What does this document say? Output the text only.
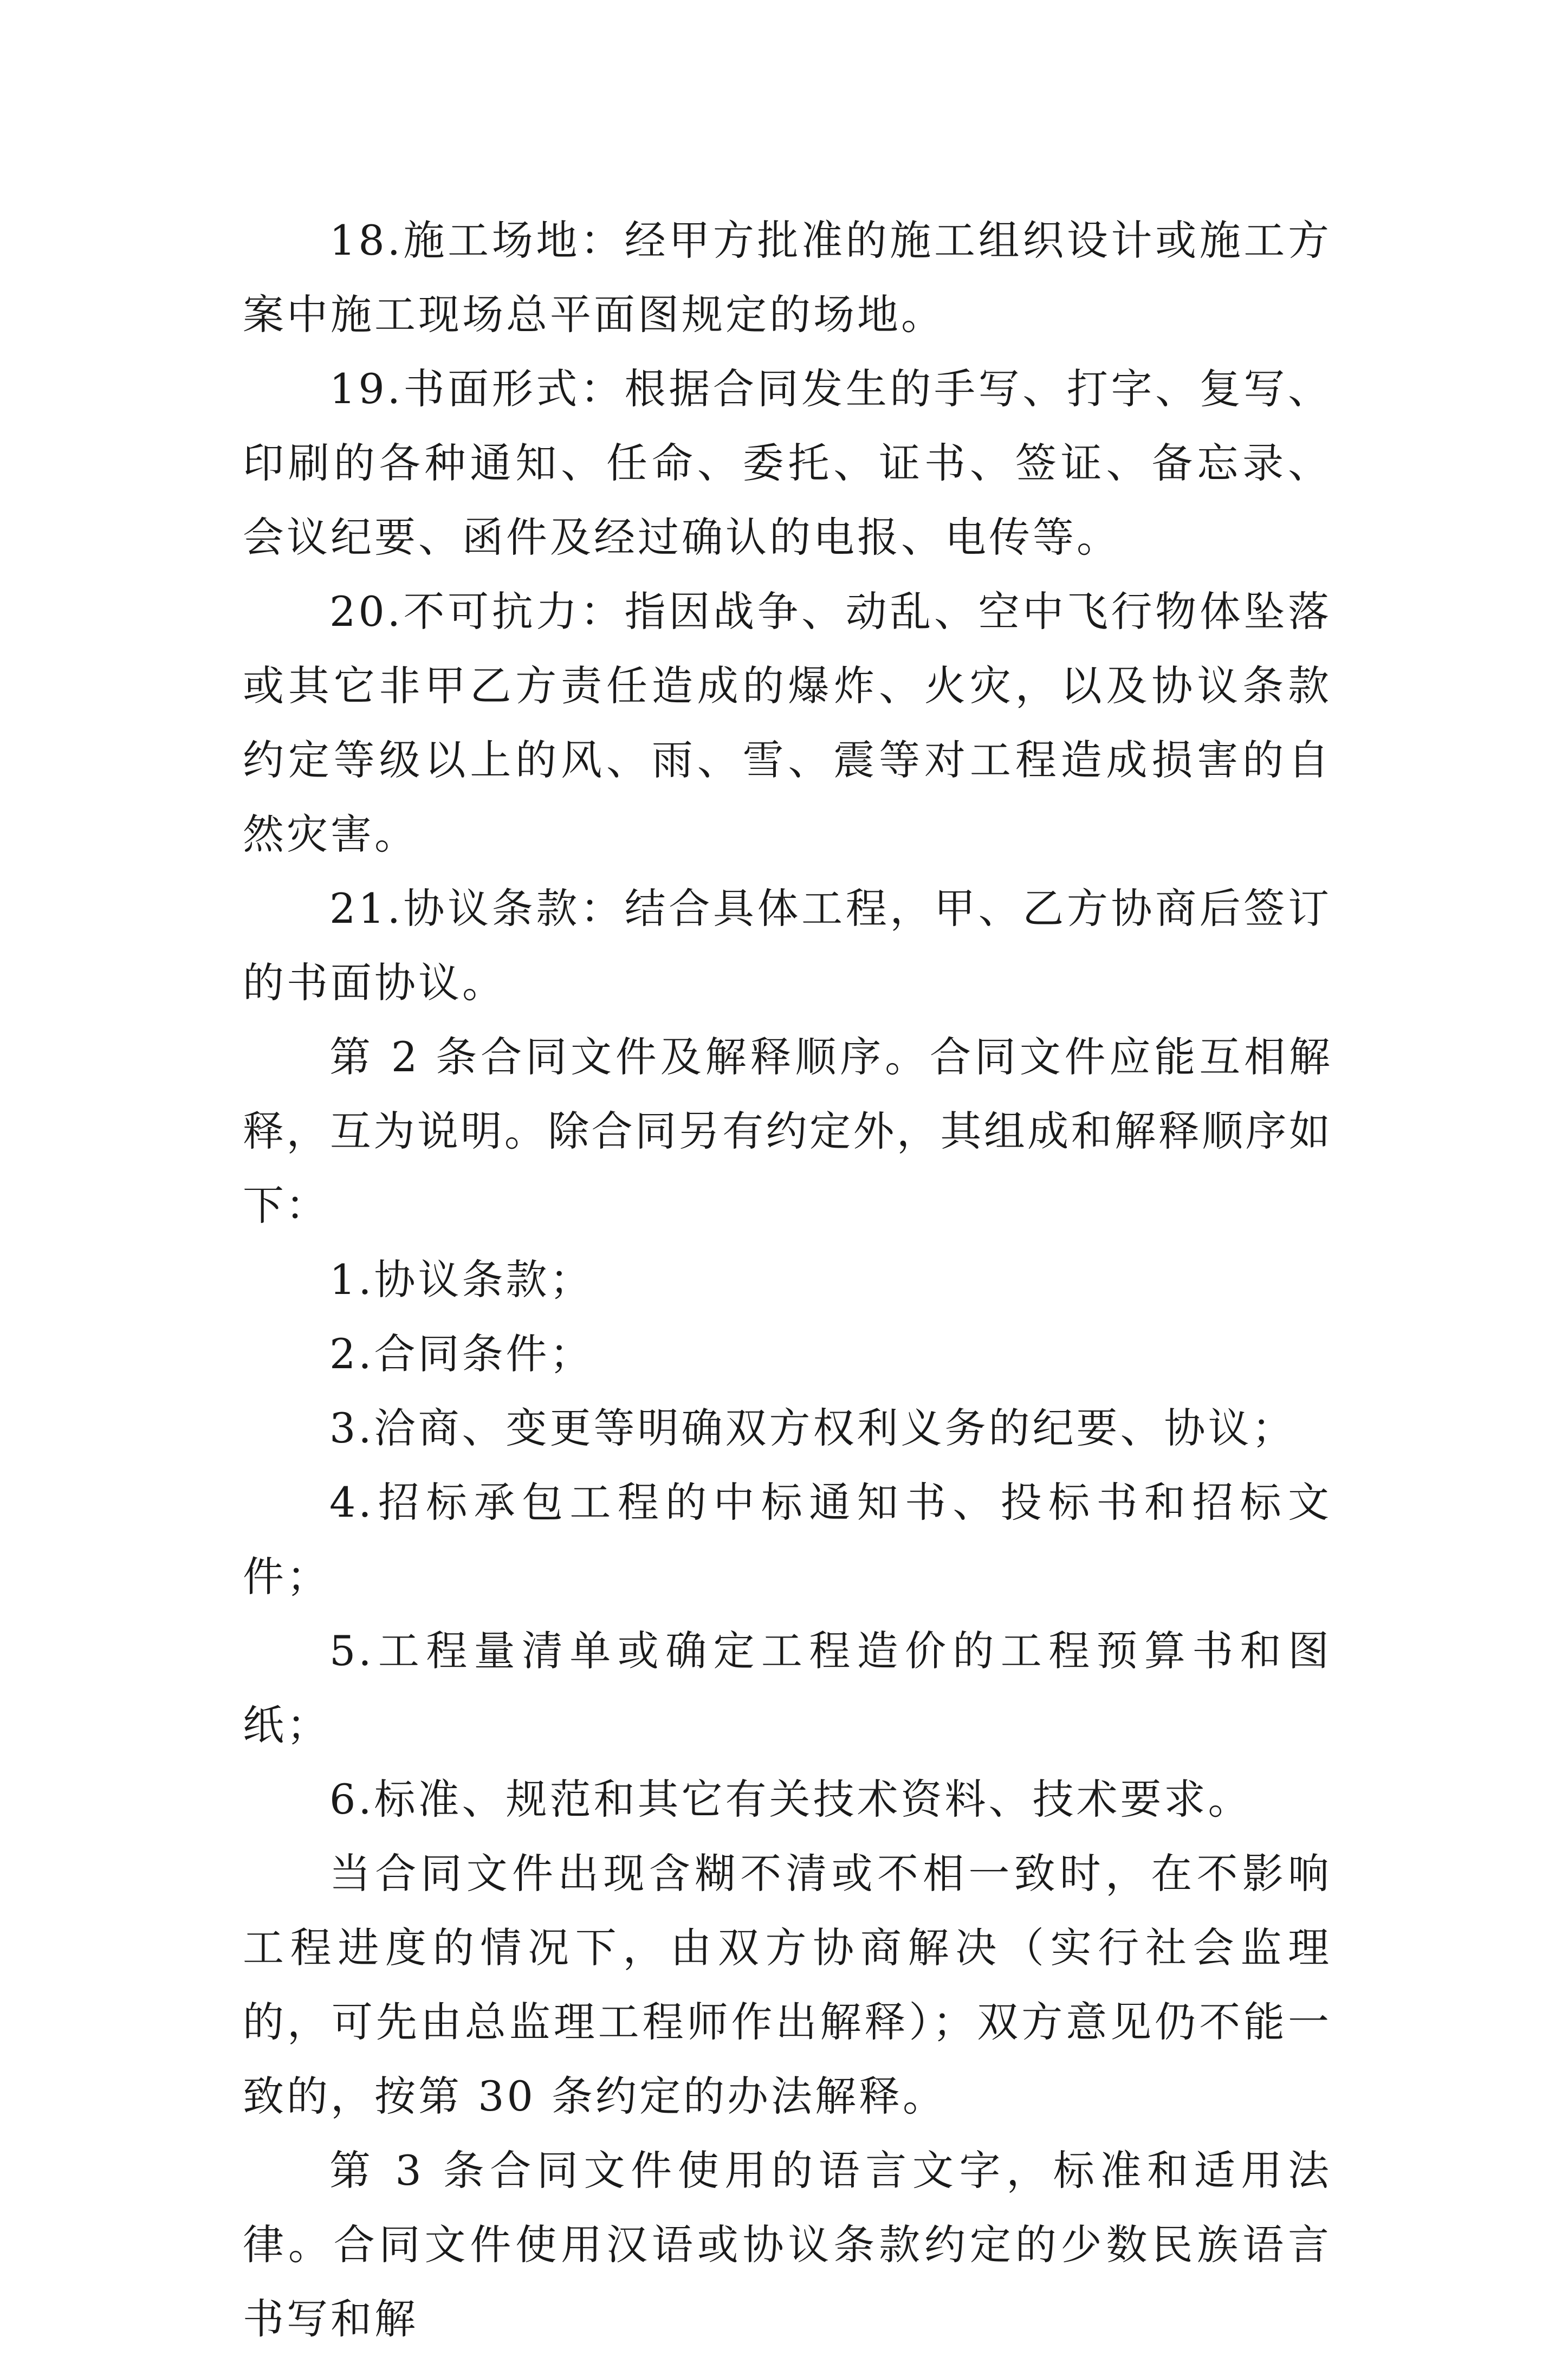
18.施工场地：经甲方批准的施工组织设计或施工方案中施工现场总平面图规定的场地。

19.书面形式：根据合同发生的手写、打字、复写、印刷的各种通知、任命、委托、证书、签证、备忘录、会议纪要、函件及经过确认的电报、电传等。

20.不可抗力：指因战争、动乱、空中飞行物体坠落或其它非甲乙方责任造成的爆炸、火灾，以及协议条款约定等级以上的风、雨、雪、震等对工程造成损害的自然灾害。

21.协议条款：结合具体工程，甲、乙方协商后签订的书面协议。

第 2 条合同文件及解释顺序。合同文件应能互相解释，互为说明。除合同另有约定外，其组成和解释顺序如下：

1.协议条款；

2.合同条件；

3.洽商、变更等明确双方权利义务的纪要、协议；

4.招标承包工程的中标通知书、投标书和招标文件；

5.工程量清单或确定工程造价的工程预算书和图纸；

6.标准、规范和其它有关技术资料、技术要求。

当合同文件出现含糊不清或不相一致时，在不影响工程进度的情况下，由双方协商解决（实行社会监理的，可先由总监理工程师作出解释）；双方意见仍不能一致的，按第 30 条约定的办法解释。

第 3 条合同文件使用的语言文字，标准和适用法律。合同文件使用汉语或协议条款约定的少数民族语言书写和解
